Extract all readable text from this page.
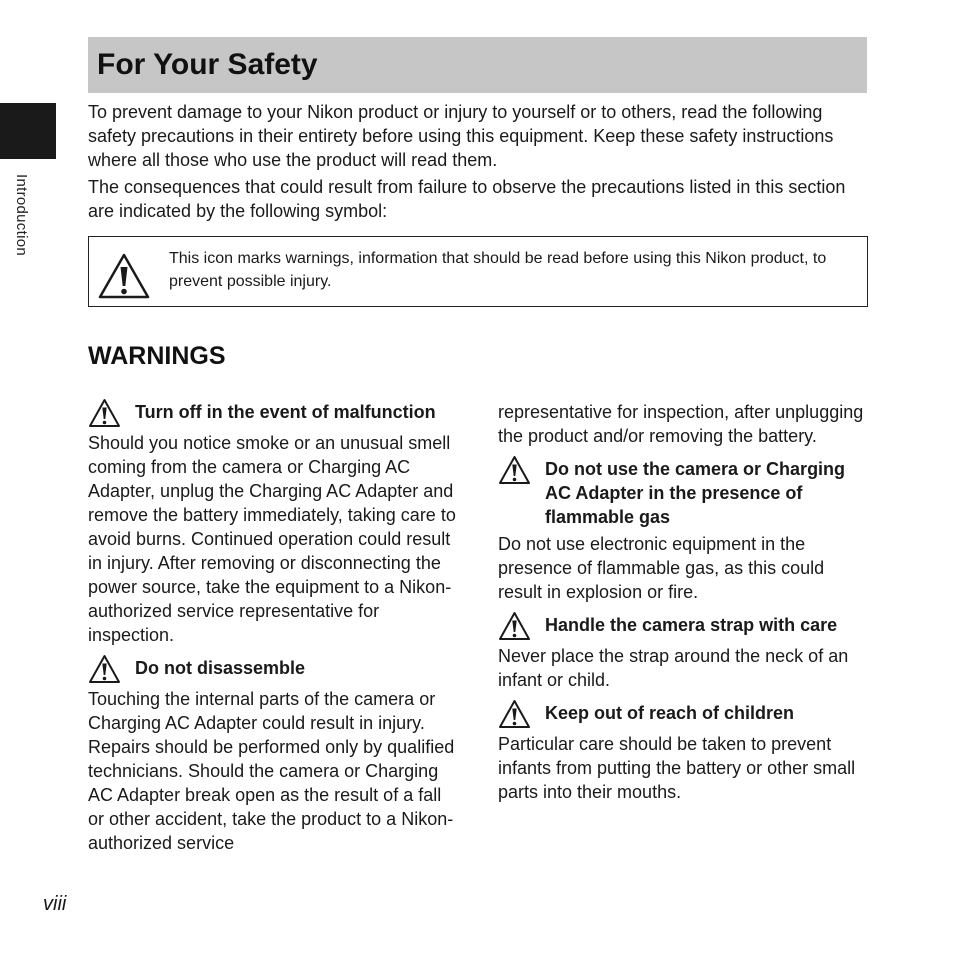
Introduction
For Your Safety

To prevent damage to your Nikon product or injury to yourself or to others, read the following safety precautions in their entirety before using this equipment. Keep these safety instructions where all those who use the product will read them.

The consequences that could result from failure to observe the precautions listed in this section are indicated by the following symbol:

This icon marks warnings, information that should be read before using this Nikon product, to prevent possible injury.
WARNINGS
Turn off in the event of malfunction

Should you notice smoke or an unusual smell coming from the camera or Charging AC Adapter, unplug the Charging AC Adapter and remove the battery immediately, taking care to avoid burns. Continued operation could result in injury. After removing or disconnecting the power source, take the equipment to a Nikon-authorized service representative for inspection.

Do not disassemble

Touching the internal parts of the camera or Charging AC Adapter could result in injury. Repairs should be performed only by qualified technicians. Should the camera or Charging AC Adapter break open as the result of a fall or other accident, take the product to a Nikon-authorized service

representative for inspection, after unplugging the product and/or removing the battery.

Do not use the camera or Charging AC Adapter in the presence of flammable gas

Do not use electronic equipment in the presence of flammable gas, as this could result in explosion or fire.

Handle the camera strap with care

Never place the strap around the neck of an infant or child.

Keep out of reach of children

Particular care should be taken to prevent infants from putting the battery or other small parts into their mouths.

viii
